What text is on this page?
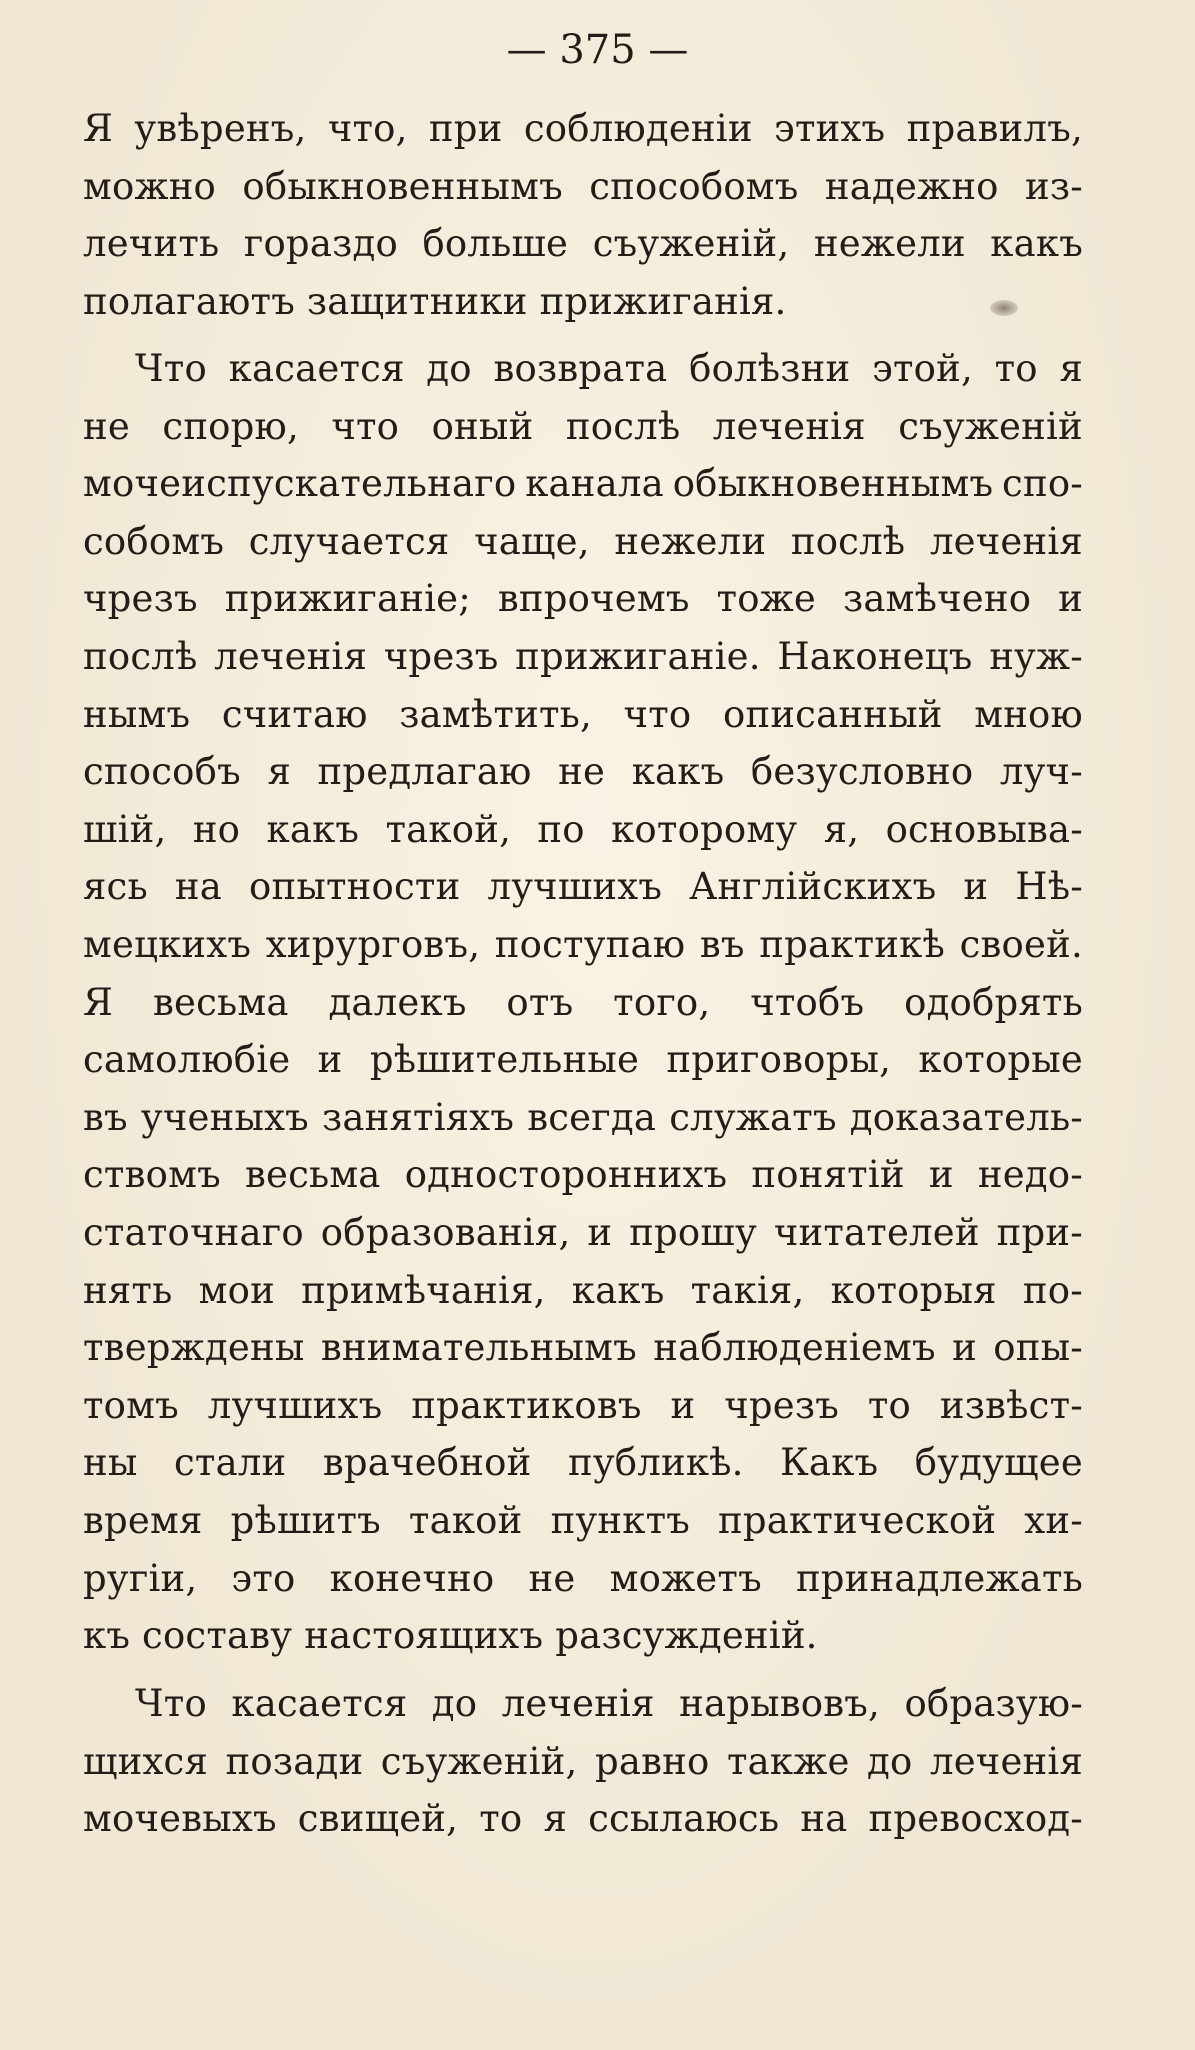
— 375 —
Я увѣренъ, что, при соблюденіи этихъ правилъ,
можно обыкновеннымъ способомъ надежно из-
лечить гораздо больше съуженій, нежели какъ
полагаютъ защитники прижиганія.
Что касается до возврата болѣзни этой, то я
не спорю, что оный послѣ леченія съуженій
мочеиспускательнаго канала обыкновеннымъ спо-
собомъ случается чаще, нежели послѣ леченія
чрезъ прижиганіе; впрочемъ тоже замѣчено и
послѣ леченія чрезъ прижиганіе. Наконецъ нуж-
нымъ считаю замѣтить, что описанный мною
способъ я предлагаю не какъ безусловно луч-
шій, но какъ такой, по которому я, основыва-
ясь на опытности лучшихъ Англійскихъ и Нѣ-
мецкихъ хирурговъ, поступаю въ практикѣ своей.
Я весьма далекъ отъ того, чтобъ одобрять
самолюбіе и рѣшительные приговоры, которые
въ ученыхъ занятіяхъ всегда служатъ доказатель-
ствомъ весьма одностороннихъ понятій и недо-
статочнаго образованія, и прошу читателей при-
нять мои примѣчанія, какъ такія, которыя по-
тверждены внимательнымъ наблюденіемъ и опы-
томъ лучшихъ практиковъ и чрезъ то извѣст-
ны стали врачебной публикѣ. Какъ будущее
время рѣшитъ такой пунктъ практической хи-
ругіи, это конечно не можетъ принадлежать
къ составу настоящихъ разсужденій.
Что касается до леченія нарывовъ, образую-
щихся позади съуженій, равно также до леченія
мочевыхъ свищей, то я ссылаюсь на превосход-
